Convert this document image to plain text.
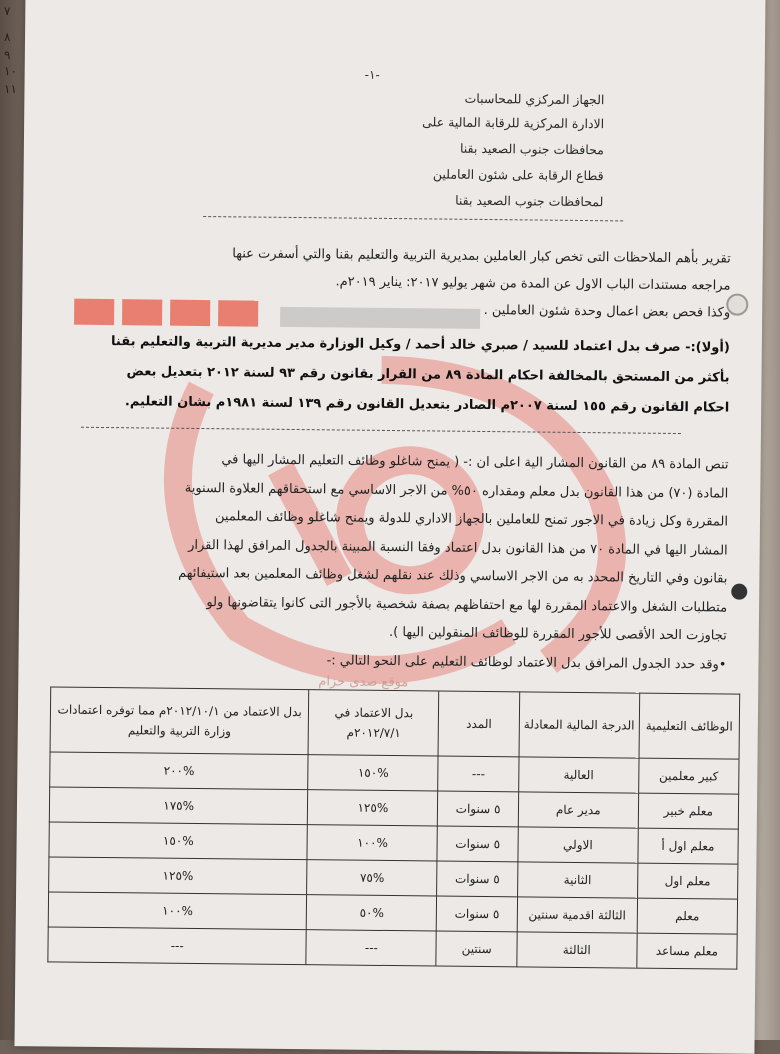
٧
٨
٩
١٠
١١
-١-
الجهاز المركزي للمحاسبات
الادارة المركزية للرقابة المالية على
محافظات جنوب الصعيد بقنا
قطاع الرقابة على شئون العاملين
لمحافظات جنوب الصعيد بقنا
تقرير بأهم الملاحظات التى تخص كبار العاملين بمديرية التربية والتعليم بقنا والتي أسفرت عنها
مراجعه مستندات الباب الاول عن المدة من شهر يوليو ٢٠١٧: يناير ٢٠١٩م.
وكذا فحص بعض اعمال وحدة شئون العاملين .
(أولا):- صرف بدل اعتماد للسيد / صبري خالد أحمد / وكيل الوزارة مدير مديرية التربية والتعليم بقنا
بأكثر من المستحق بالمخالفة احكام المادة ٨٩ من القرار بقانون رقم ٩٣ لسنة ٢٠١٢ بتعديل بعض
احكام القانون رقم ١٥٥ لسنة ٢٠٠٧م الصادر بتعديل القانون رقم ١٣٩ لسنة ١٩٨١م بشان التعليم.
تنص المادة ٨٩ من القانون المشار الية اعلى ان :- ( يمنح شاغلو وظائف التعليم المشار اليها في
المادة (٧٠) من هذا القانون بدل معلم ومقداره ٥٠% من الاجر الاساسي مع استحقاقهم العلاوة السنوية
المقررة وكل زيادة في الاجور تمنح للعاملين بالجهاز الاداري للدولة ويمنح شاغلو وظائف المعلمين
المشار اليها في المادة ٧٠ من هذا القانون بدل اعتماد وفقا النسبة المبينة بالجدول المرافق لهذا القرار
بقانون وفي التاريخ المحدد به من الاجر الاساسي وذلك عند نقلهم لشغل وظائف المعلمين بعد استيفائهم
متطلبات الشغل والاعتماد المقررة لها مع احتفاظهم بصفة شخصية بالأجور التى كانوا يتقاضونها ولو
تجاوزت الحد الأقصى للأجور المقررة للوظائف المنقولين اليها ).
•وقد حدد الجدول المرافق بدل الاعتماد لوظائف التعليم على النحو التالي :-
موقع صدى حزام
الوظائف التعليمية	الدرجة المالية المعادلة	المدد	بدل الاعتماد في ٢٠١٢/٧/١م	بدل الاعتماد من ٢٠١٢/١٠/١م مما توفره اعتمادات وزارة التربية والتعليم
كبير معلمين	العالية	---	%١٥٠	%٢٠٠
معلم خبير	مدير عام	٥ سنوات	%١٢٥	%١٧٥
معلم اول أ	الاولي	٥ سنوات	%١٠٠	%١٥٠
معلم اول	الثانية	٥ سنوات	%٧٥	%١٢٥
معلم	الثالثة اقدمية سنتين	٥ سنوات	%٥٠	%١٠٠
معلم مساعد	الثالثة	سنتين	---	---
